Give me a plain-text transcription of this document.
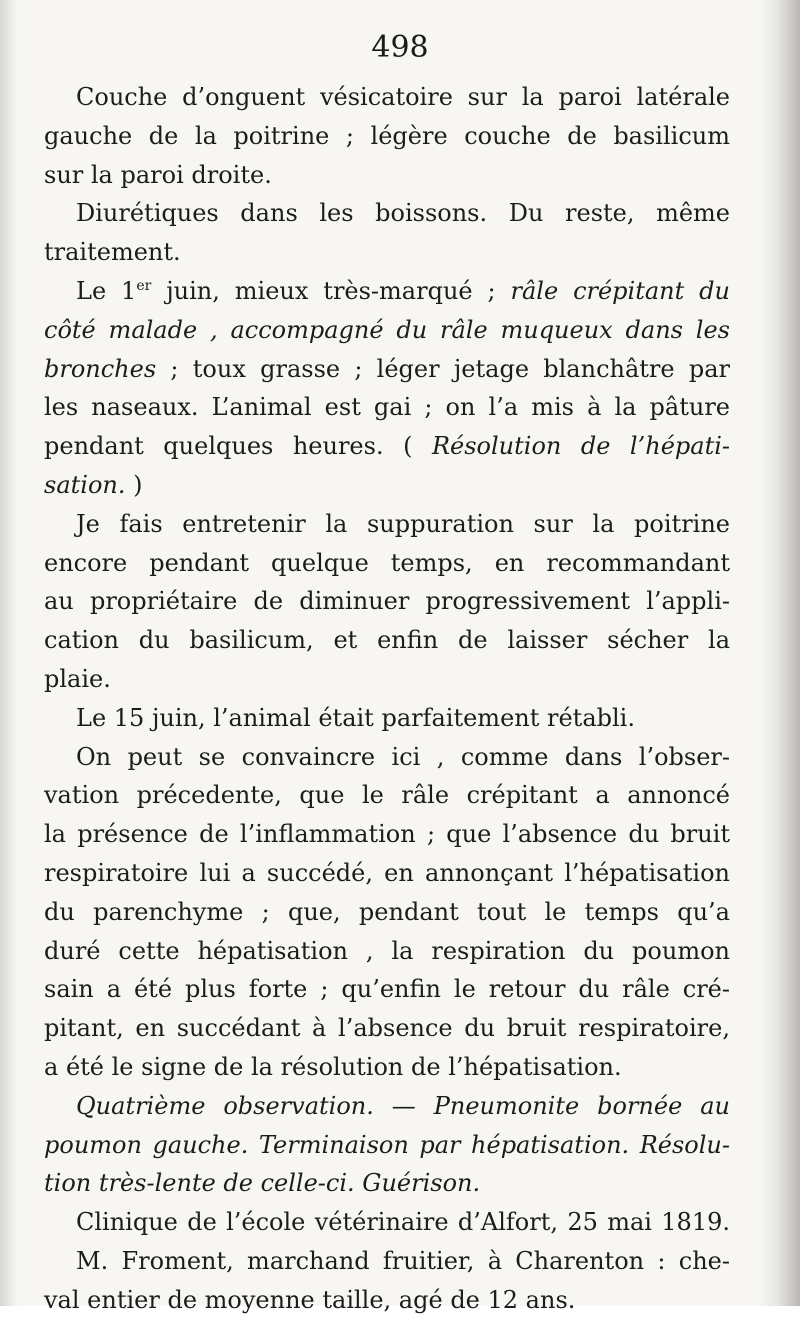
498
Couche d’onguent vésicatoire sur la paroi latérale
gauche de la poitrine ; légère couche de basilicum
sur la paroi droite.
Diurétiques dans les boissons. Du reste, même
traitement.
Le 1er juin, mieux très-marqué ; râle crépitant du
côté malade , accompagné du râle muqueux dans les
bronches ; toux grasse ; léger jetage blanchâtre par
les naseaux. L’animal est gai ; on l’a mis à la pâture
pendant quelques heures. ( Résolution de l’hépati-
sation. )
Je fais entretenir la suppuration sur la poitrine
encore pendant quelque temps, en recommandant
au propriétaire de diminuer progressivement l’appli-
cation du basilicum, et enfin de laisser sécher la
plaie.
Le 15 juin, l’animal était parfaitement rétabli.
On peut se convaincre ici , comme dans l’obser-
vation précedente, que le râle crépitant a annoncé
la présence de l’inflammation ; que l’absence du bruit
respiratoire lui a succédé, en annonçant l’hépatisation
du parenchyme ; que, pendant tout le temps qu’a
duré cette hépatisation , la respiration du poumon
sain a été plus forte ; qu’enfin le retour du râle cré-
pitant, en succédant à l’absence du bruit respiratoire,
a été le signe de la résolution de l’hépatisation.
Quatrième observation. — Pneumonite bornée au
poumon gauche. Terminaison par hépatisation. Résolu-
tion très-lente de celle-ci. Guérison.
Clinique de l’école vétérinaire d’Alfort, 25 mai 1819.
M. Froment, marchand fruitier, à Charenton : che-
val entier de moyenne taille, agé de 12 ans.
